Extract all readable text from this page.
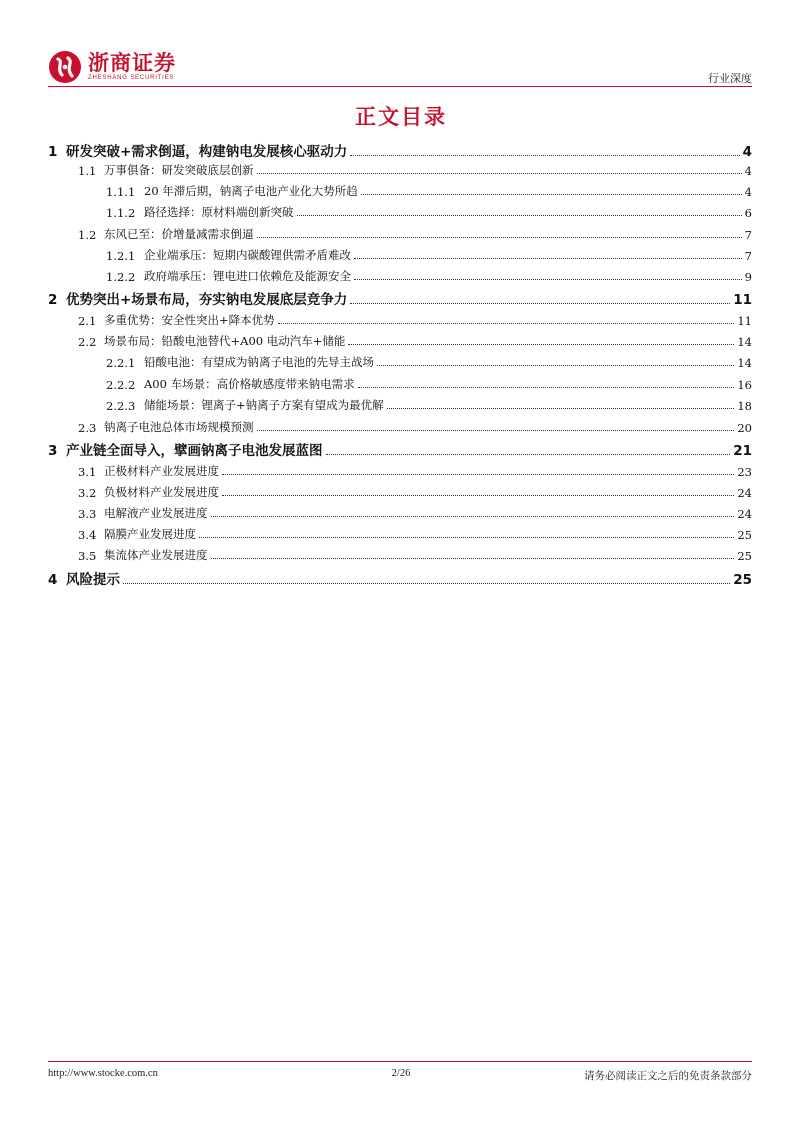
浙商证券
ZHESHANG SECURITIES	行业深度
正文目录
1 研发突破+需求倒逼，构建钠电发展核心驱动力	4
1.1 万事俱备：研发突破底层创新	4
1.1.1 20 年滞后期，钠离子电池产业化大势所趋	4
1.1.2 路径选择：原材料端创新突破	6
1.2 东风已至：价增量减需求倒逼	7
1.2.1 企业端承压：短期内碳酸锂供需矛盾难改	7
1.2.2 政府端承压：锂电进口依赖危及能源安全	9
2 优势突出+场景布局，夯实钠电发展底层竞争力	11
2.1 多重优势：安全性突出+降本优势	11
2.2 场景布局：铅酸电池替代+A00 电动汽车+储能	14
2.2.1 铅酸电池：有望成为钠离子电池的先导主战场	14
2.2.2 A00 车场景：高价格敏感度带来钠电需求	16
2.2.3 储能场景：锂离子+钠离子方案有望成为最优解	18
2.3 钠离子电池总体市场规模预测	20
3 产业链全面导入，擘画钠离子电池发展蓝图	21
3.1 正极材料产业发展进度	23
3.2 负极材料产业发展进度	24
3.3 电解液产业发展进度	24
3.4 隔膜产业发展进度	25
3.5 集流体产业发展进度	25
4 风险提示	25
http://www.stocke.com.cn	2/26	请务必阅读正文之后的免责条款部分
